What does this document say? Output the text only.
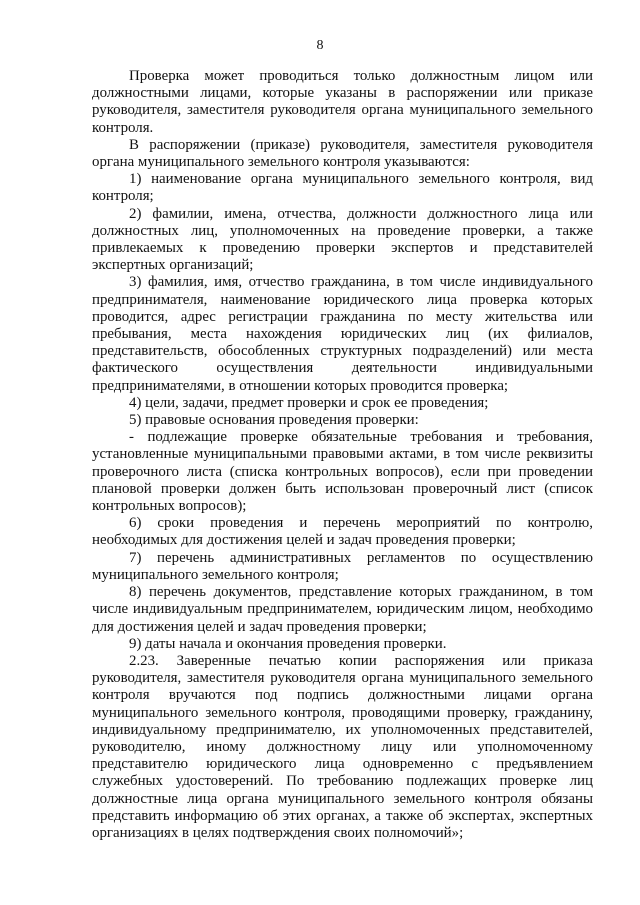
8

Проверка может проводиться только должностным лицом или должностными лицами, которые указаны в распоряжении или приказе руководителя, заместителя руководителя органа муниципального земельного контроля.

В распоряжении (приказе) руководителя, заместителя руководителя органа муниципального земельного контроля указываются:

1) наименование органа муниципального земельного контроля, вид контроля;

2) фамилии, имена, отчества, должности должностного лица или должностных лиц, уполномоченных на проведение проверки, а также привлекаемых к проведению проверки экспертов и представителей экспертных организаций;

3) фамилия, имя, отчество гражданина, в том числе индивидуального предпринимателя, наименование юридического лица проверка которых проводится, адрес регистрации гражданина по месту жительства или пребывания, места нахождения юридических лиц (их филиалов, представительств, обособленных структурных подразделений) или места фактического осуществления деятельности индивидуальными предпринимателями, в отношении которых проводится проверка;

4) цели, задачи, предмет проверки и срок ее проведения;

5) правовые основания проведения проверки:

- подлежащие проверке обязательные требования и требования, установленные муниципальными правовыми актами, в том числе реквизиты проверочного листа (списка контрольных вопросов), если при проведении плановой проверки должен быть использован проверочный лист (список контрольных вопросов);

6) сроки проведения и перечень мероприятий по контролю, необходимых для достижения целей и задач проведения проверки;

7) перечень административных регламентов по осуществлению муниципального земельного контроля;

8) перечень документов, представление которых гражданином, в том числе индивидуальным предпринимателем, юридическим лицом, необходимо для достижения целей и задач проведения проверки;

9) даты начала и окончания проведения проверки.

2.23. Заверенные печатью копии распоряжения или приказа руководителя, заместителя руководителя органа муниципального земельного контроля вручаются под подпись должностными лицами органа муниципального земельного контроля, проводящими проверку, гражданину, индивидуальному предпринимателю, их уполномоченных представителей, руководителю, иному должностному лицу или уполномоченному представителю юридического лица одновременно с предъявлением служебных удостоверений. По требованию подлежащих проверке лиц должностные лица органа муниципального земельного контроля обязаны представить информацию об этих органах, а также об экспертах, экспертных организациях в целях подтверждения своих полномочий»;
